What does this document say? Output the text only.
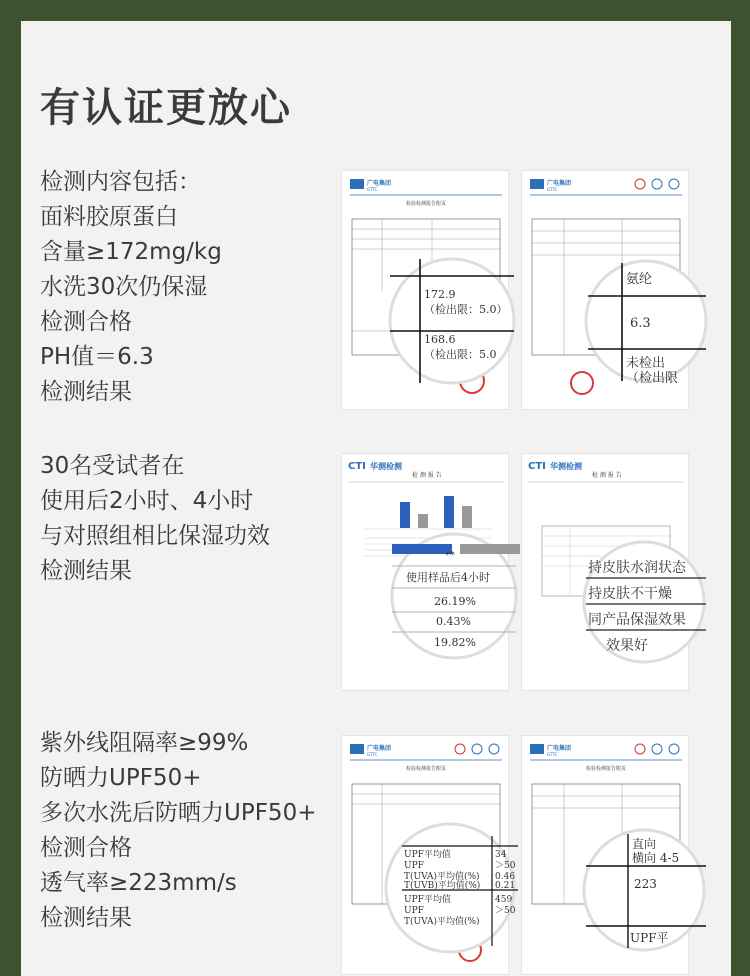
有认证更放心
检测内容包括：
面料胶原蛋白
含量≥172mg/kg
水洗30次仍保湿
检测合格
PH值＝6.3
检测结果
30名受试者在
使用后2小时、4小时
与对照组相比保湿功效
检测结果
紫外线阻隔率≥99%
防晒力UPF50+
多次水洗后防晒力UPF50+
检测合格
透气率≥223mm/s
检测结果
广电集团
GTTC
检验检测报告附页
172.9
（检出限：5.0）
168.6
（检出限：5.0
广电集团
GTTC
氨纶
6.3
未检出
（检出限
CTI 华测检测
检 测 报 告
**
使用样品后4小时
26.19%
0.43%
19.82%
CTI 华测检测
检 测 报 告
持皮肤水润状态
持皮肤不干燥
同产品保湿效果
效果好
广电集团
GTTC
检验检测报告附页
UPF平均值
UPF
T(UVA)平均值(%)
T(UVB)平均值(%)
UPF平均值
UPF
T(UVA)平均值(%)
34
＞50
0.46
0.21
459
＞50
广电集团
GTTC
检验检测报告附页
直向
横向 4-5
223
UPF平
